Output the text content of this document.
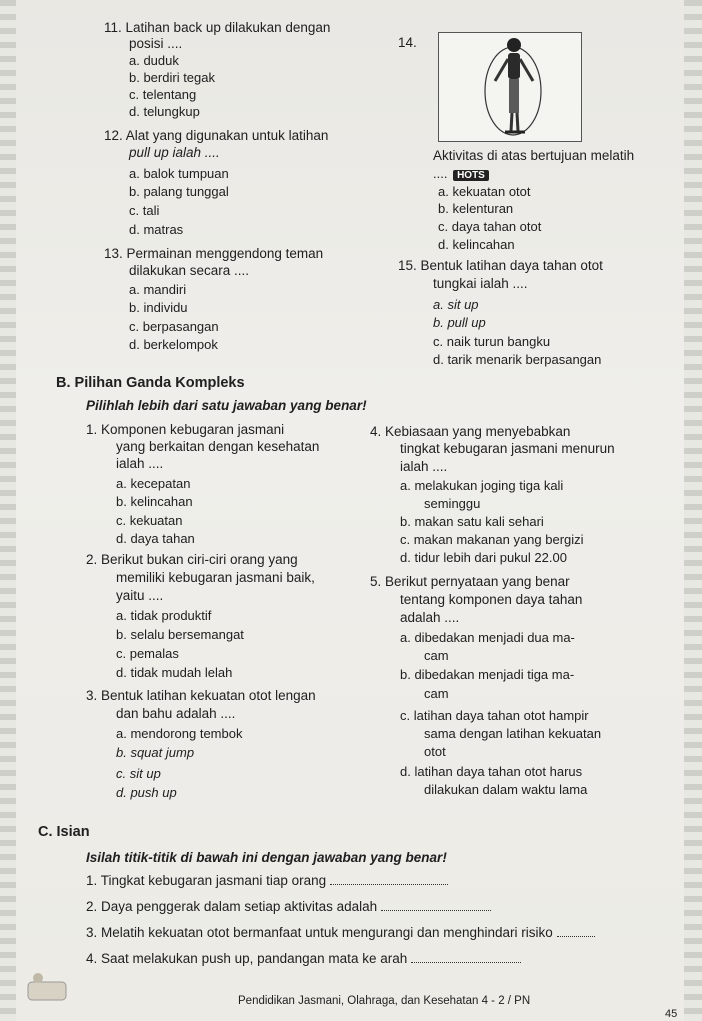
11. Latihan back up dilakukan dengan
posisi ....
a. duduk
b. berdiri tegak
c. telentang
d. telungkup
12. Alat yang digunakan untuk latihan
pull up ialah ....
a. balok tumpuan
b. palang tunggal
c. tali
d. matras
13. Permainan menggendong teman
dilakukan secara ....
a. mandiri
b. individu
c. berpasangan
d. berkelompok
14.
Aktivitas di atas bertujuan melatih
a. kekuatan otot
b. kelenturan
c. daya tahan otot
d. kelincahan
15. Bentuk latihan daya tahan otot
tungkai ialah ....
a. sit up
b. pull up
c. naik turun bangku
d. tarik menarik berpasangan
.... HOTS
B. Pilihan Ganda Kompleks
Pilihlah lebih dari satu jawaban yang benar!
1. Komponen kebugaran jasmani
yang berkaitan dengan kesehatan
ialah ....
a. kecepatan
b. kelincahan
c. kekuatan
d. daya tahan
2. Berikut bukan ciri-ciri orang yang
memiliki kebugaran jasmani baik,
yaitu ....
a. tidak produktif
b. selalu bersemangat
c. pemalas
d. tidak mudah lelah
3. Bentuk latihan kekuatan otot lengan
dan bahu adalah ....
a. mendorong tembok
b. squat jump
c. sit up
d. push up
4. Kebiasaan yang menyebabkan
tingkat kebugaran jasmani menurun
ialah ....
a. melakukan joging tiga kali
seminggu
b. makan satu kali sehari
c. makan makanan yang bergizi
d. tidur lebih dari pukul 22.00
5. Berikut pernyataan yang benar
tentang komponen daya tahan
adalah ....
a. dibedakan menjadi dua ma-
cam
b. dibedakan menjadi tiga ma-
cam
c. latihan daya tahan otot hampir
sama dengan latihan kekuatan
otot
d. latihan daya tahan otot harus
dilakukan dalam waktu lama
C. Isian
Isilah titik-titik di bawah ini dengan jawaban yang benar!
1. Tingkat kebugaran jasmani tiap orang
2. Daya penggerak dalam setiap aktivitas adalah
3. Melatih kekuatan otot bermanfaat untuk mengurangi dan menghindari risiko
4. Saat melakukan push up, pandangan mata ke arah
Pendidikan Jasmani, Olahraga, dan Kesehatan 4 - 2 / PN
45
